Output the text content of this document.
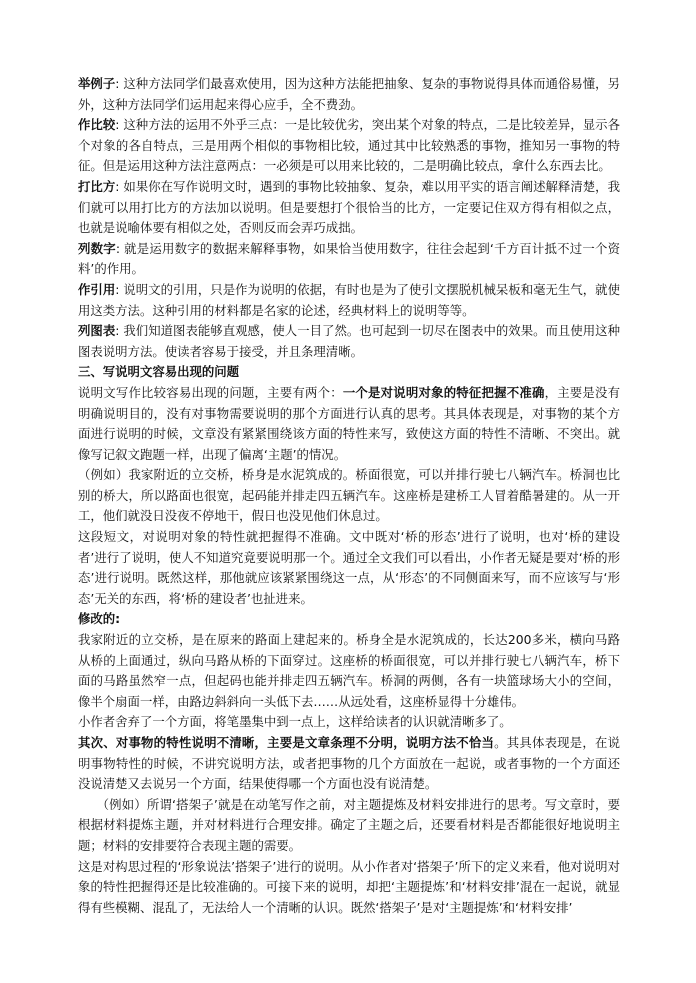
举例子: 这种方法同学们最喜欢使用，因为这种方法能把抽象、复杂的事物说得具体而通俗易懂，另外，这种方法同学们运用起来得心应手，全不费劲。

作比较: 这种方法的运用不外乎三点：一是比较优劣，突出某个对象的特点，二是比较差异，显示各个对象的各自特点，三是用两个相似的事物相比较，通过其中比较熟悉的事物，推知另一事物的特征。但是运用这种方法注意两点：一必须是可以用来比较的，二是明确比较点，拿什么东西去比。

打比方: 如果你在写作说明文时，遇到的事物比较抽象、复杂，难以用平实的语言阐述解释清楚，我们就可以用打比方的方法加以说明。但是要想打个很恰当的比方，一定要记住双方得有相似之点，也就是说喻体要有相似之处，否则反而会弄巧成拙。

列数字: 就是运用数字的数据来解释事物，如果恰当使用数字，往往会起到‘千方百计抵不过一个资料’的作用。

作引用: 说明文的引用，只是作为说明的依据，有时也是为了使引文摆脱机械呆板和毫无生气，就使用这类方法。这种引用的材料都是名家的论述，经典材料上的说明等等。

列图表: 我们知道图表能够直观感，使人一目了然。也可起到一切尽在图表中的效果。而且使用这种图表说明方法。使读者容易于接受，并且条理清晰。

三、写说明文容易出现的问题

说明文写作比较容易出现的问题，主要有两个：一个是对说明对象的特征把握不准确，主要是没有明确说明目的，没有对事物需要说明的那个方面进行认真的思考。其具体表现是，对事物的某个方面进行说明的时候，文章没有紧紧围绕该方面的特性来写，致使这方面的特性不清晰、不突出。就像写记叙文跑题一样，出现了偏离‘主题’的情况。

（例如）我家附近的立交桥，桥身是水泥筑成的。桥面很宽，可以并排行驶七八辆汽车。桥洞也比别的桥大，所以路面也很宽，起码能并排走四五辆汽车。这座桥是建桥工人冒着酷暑建的。从一开工，他们就没日没夜不停地干，假日也没见他们休息过。

这段短文，对说明对象的特性就把握得不准确。文中既对‘桥的形态’进行了说明，也对‘桥的建设者’进行了说明，使人不知道究竟要说明那一个。通过全文我们可以看出，小作者无疑是要对‘桥的形态’进行说明。既然这样，那他就应该紧紧围绕这一点，从‘形态’的不同侧面来写，而不应该写与‘形态’无关的东西，将‘桥的建设者’也扯进来。

修改的:

我家附近的立交桥，是在原来的路面上建起来的。桥身全是水泥筑成的，长达200多米，横向马路从桥的上面通过，纵向马路从桥的下面穿过。这座桥的桥面很宽，可以并排行驶七八辆汽车，桥下面的马路虽然窄一点，但起码也能并排走四五辆汽车。桥洞的两侧，各有一块篮球场大小的空间，像半个扇面一样，由路边斜斜向一头低下去……从远处看，这座桥显得十分雄伟。

小作者舍弃了一个方面，将笔墨集中到一点上，这样给读者的认识就清晰多了。

其次、对事物的特性说明不清晰，主要是文章条理不分明，说明方法不恰当。其具体表现是，在说明事物特性的时候，不讲究说明方法，或者把事物的几个方面放在一起说，或者事物的一个方面还没说清楚又去说另一个方面，结果使得哪一个方面也没有说清楚。

（例如）所谓‘搭架子’就是在动笔写作之前，对主题提炼及材料安排进行的思考。写文章时，要根据材料提炼主题，并对材料进行合理安排。确定了主题之后，还要看材料是否都能很好地说明主题；材料的安排要符合表现主题的需要。

这是对构思过程的‘形象说法’搭架子’进行的说明。从小作者对‘搭架子’所下的定义来看，他对说明对象的特性把握得还是比较准确的。可接下来的说明，却把‘主题提炼’和‘材料安排’混在一起说，就显得有些模糊、混乱了，无法给人一个清晰的认识。既然‘搭架子’是对‘主题提炼’和‘材料安排’
